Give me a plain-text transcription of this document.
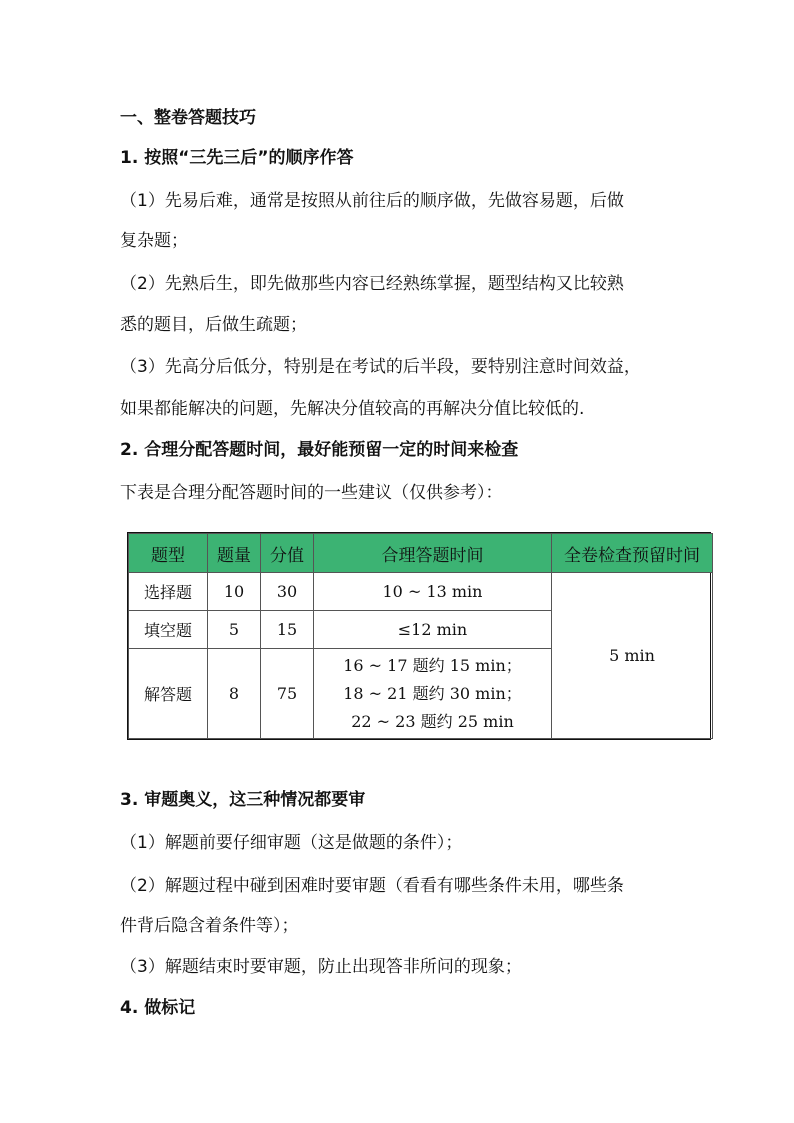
一、整卷答题技巧
1. 按照“三先三后”的顺序作答
（1）先易后难，通常是按照从前往后的顺序做，先做容易题，后做
复杂题；
（2）先熟后生，即先做那些内容已经熟练掌握，题型结构又比较熟
悉的题目，后做生疏题；
（3）先高分后低分，特别是在考试的后半段，要特别注意时间效益，
如果都能解决的问题，先解决分值较高的再解决分值比较低的.
2. 合理分配答题时间，最好能预留一定的时间来检查
下表是合理分配答题时间的一些建议（仅供参考）：
题型	题量	分值	合理答题时间	全卷检查预留时间
选择题	10	30	10 ~ 13 min	5 min
填空题	5	15	≤12 min	
解答题	8	75	16 ~ 17 题约 15 min；
18 ~ 21 题约 30 min；
22 ~ 23 题约 25 min	
3. 审题奥义，这三种情况都要审
（1）解题前要仔细审题（这是做题的条件）；
（2）解题过程中碰到困难时要审题（看看有哪些条件未用，哪些条
件背后隐含着条件等）；
（3）解题结束时要审题，防止出现答非所问的现象；
4. 做标记
